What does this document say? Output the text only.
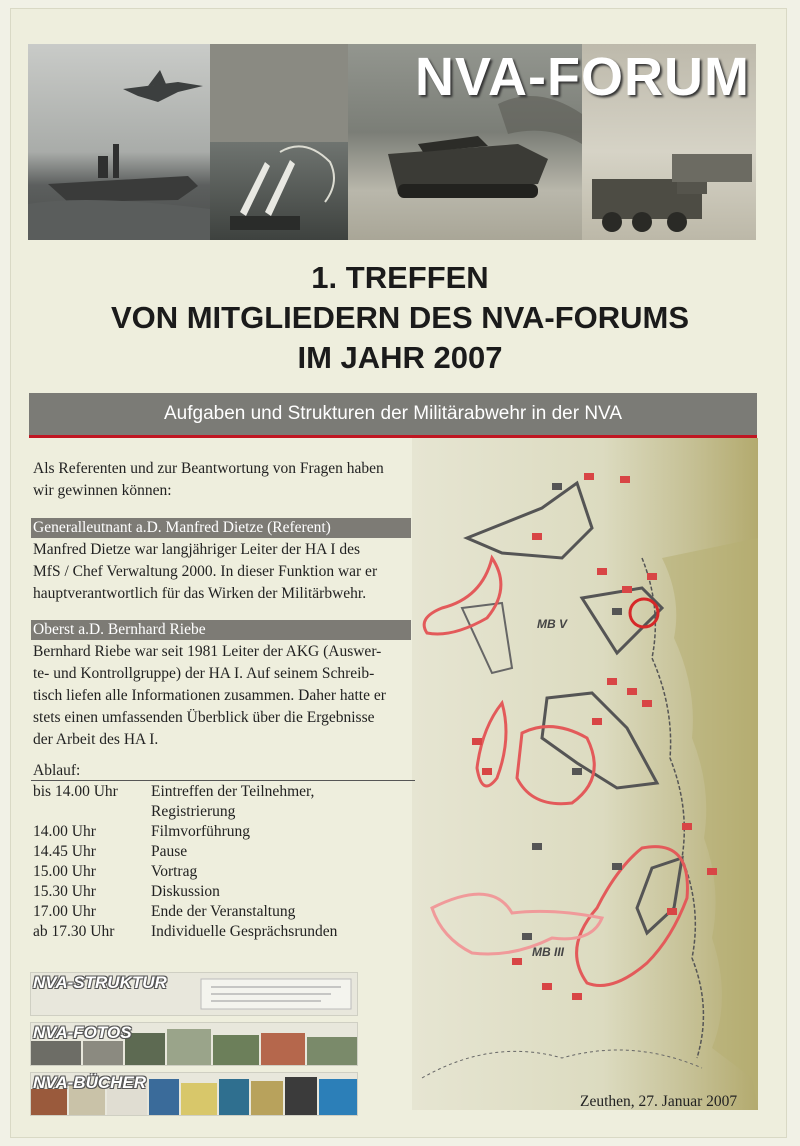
NVA-FORUM
1. TREFFEN
VON MITGLIEDERN DES NVA-FORUMS
IM JAHR 2007
Aufgaben und Strukturen der Militärabwehr in der NVA
MB V
MB III
Als Referenten und zur Beantwortung von Fragen haben
wir gewinnen können:
Generalleutnant a.D. Manfred Dietze (Referent)
Manfred Dietze war langjähriger Leiter der HA I des
MfS / Chef Verwaltung 2000. In dieser Funktion war er
hauptverantwortlich für das Wirken der Militärbwehr.
Oberst a.D. Bernhard Riebe
Bernhard Riebe war seit 1981 Leiter der AKG (Auswer-
te- und Kontrollgruppe) der HA I. Auf seinem Schreib-
tisch liefen alle Informationen zusammen. Daher hatte er
stets einen umfassenden Überblick über die Ergebnisse
der Arbeit des HA I.
Ablauf:
bis 14.00 Uhr	Eintreffen der Teilnehmer,
Registrierung
14.00 Uhr	Filmvorführung
14.45 Uhr	Pause
15.00 Uhr	Vortrag
15.30 Uhr	Diskussion
17.00 Uhr	Ende der Veranstaltung
ab 17.30 Uhr	Individuelle Gesprächsrunden
NVA-STRUKTUR
NVA-FOTOS
NVA-BÜCHER
Zeuthen, 27. Januar 2007
